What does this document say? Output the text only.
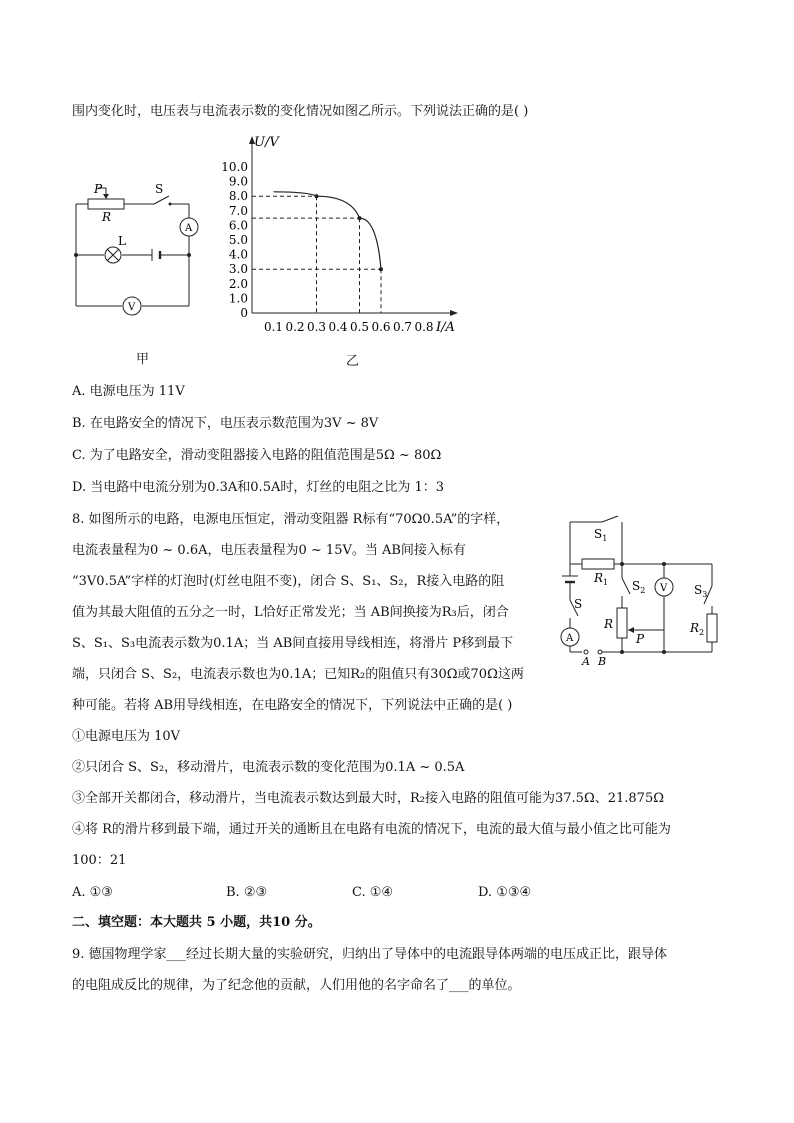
围内变化时，电压表与电流表示数的变化情况如图乙所示。下列说法正确的是( )
P
R
S
L
A
V
甲
U/V
I/A
10.0
9.0
8.0
7.0
6.0
5.0
4.0
3.0
2.0
1.0
0
0.1 0.2 0.3 0.4 0.5 0.6 0.7 0.8
乙
A. 电源电压为 11V
B. 在电路安全的情况下，电压表示数范围为3V ~ 8V
C. 为了电路安全，滑动变阻器接入电路的阻值范围是5Ω ~ 80Ω
D. 当电路中电流分别为0.3A和0.5A时，灯丝的电阻之比为 1：3
8. 如图所示的电路，电源电压恒定，滑动变阻器 R标有“70Ω0.5A”的字样，
电流表量程为0 ~ 0.6A，电压表量程为0 ~ 15V。当 AB间接入标有
“3V0.5A”字样的灯泡时(灯丝电阻不变)，闭合 S、S₁、S₂，R接入电路的阻
值为其最大阻值的五分之一时，L恰好正常发光；当 AB间换接为R₃后，闭合
S、S₁、S₃电流表示数为0.1A；当 AB间直接用导线相连，将滑片 P移到最下
端，只闭合 S、S₂，电流表示数也为0.1A；已知R₂的阻值只有30Ω或70Ω这两
种可能。若将 AB用导线相连，在电路安全的情况下，下列说法中正确的是( )
$S_1$
$R_1$ $S_2$ V $S_3$
S
R
P
$R_2$
A
A B
①电源电压为 10V
②只闭合 S、S₂，移动滑片，电流表示数的变化范围为0.1A ~ 0.5A
③全部开关都闭合，移动滑片，当电流表示数达到最大时，R₂接入电路的阻值可能为37.5Ω、21.875Ω
④将 R的滑片移到最下端，通过开关的通断且在电路有电流的情况下，电流的最大值与最小值之比可能为
100：21
A. ①③	B. ②③	C. ①④	D. ①③④
二、填空题：本大题共 5 小题，共10 分。
9. 德国物理学家___经过长期大量的实验研究，归纳出了导体中的电流跟导体两端的电压成正比，跟导体
的电阻成反比的规律，为了纪念他的贡献，人们用他的名字命名了___的单位。
